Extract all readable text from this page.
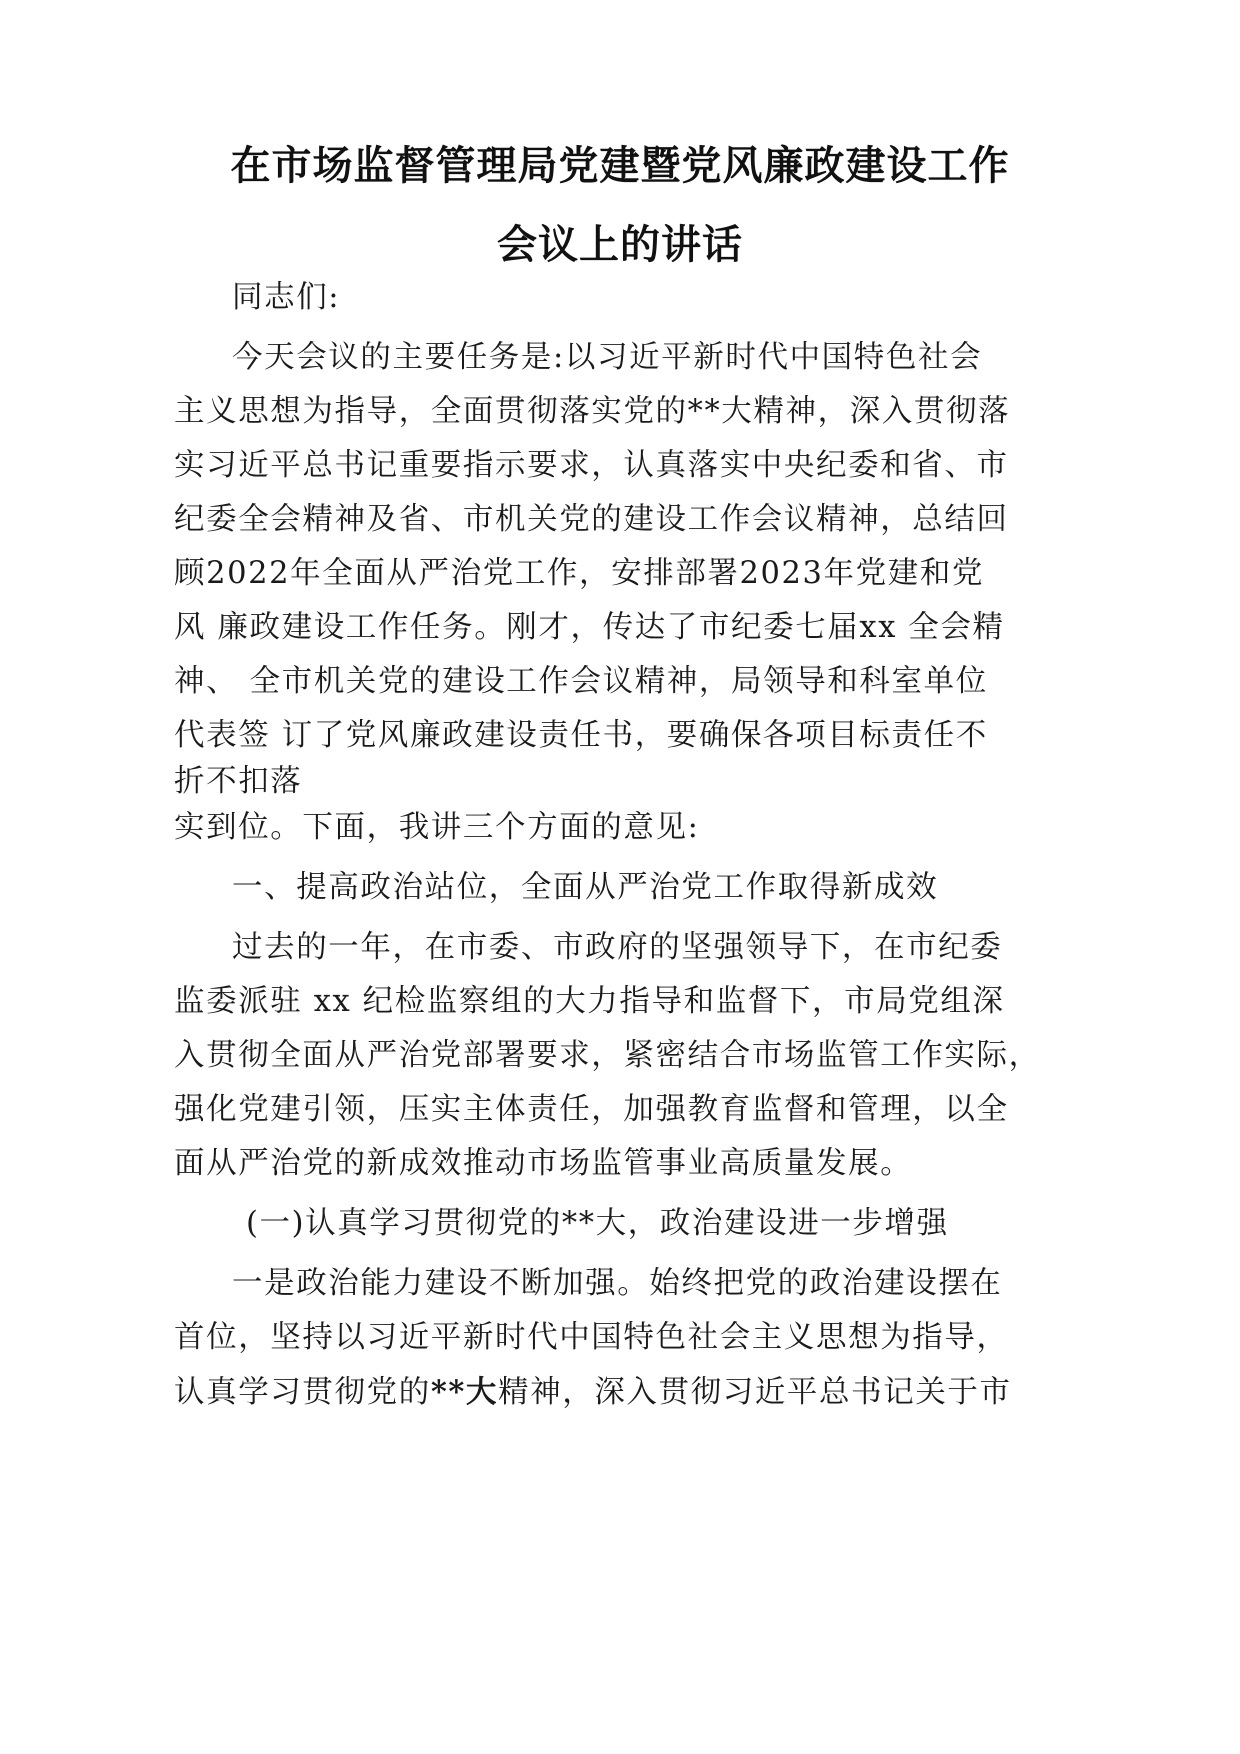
在市场监督管理局党建暨党风廉政建设工作
会议上的讲话
同志们:
今天会议的主要任务是:以习近平新时代中国特色社会
主义思想为指导，全面贯彻落实党的**大精神，深入贯彻落
实习近平总书记重要指示要求，认真落实中央纪委和省、市
纪委全会精神及省、市机关党的建设工作会议精神，总结回
顾2022年全面从严治党工作，安排部署2023年党建和党
风 廉政建设工作任务。刚才，传达了市纪委七届xx 全会精
神、 全市机关党的建设工作会议精神，局领导和科室单位
代表签 订了党风廉政建设责任书，要确保各项目标责任不
折不扣落
实到位。下面，我讲三个方面的意见:
一、提高政治站位，全面从严治党工作取得新成效
过去的一年，在市委、市政府的坚强领导下，在市纪委
监委派驻 xx 纪检监察组的大力指导和监督下，市局党组深
入贯彻全面从严治党部署要求，紧密结合市场监管工作实际，
强化党建引领，压实主体责任，加强教育监督和管理，以全
面从严治党的新成效推动市场监管事业高质量发展。
(一)认真学习贯彻党的**大，政治建设进一步增强
一是政治能力建设不断加强。始终把党的政治建设摆在
首位，坚持以习近平新时代中国特色社会主义思想为指导，
认真学习贯彻党的**大精神，深入贯彻习近平总书记关于市
